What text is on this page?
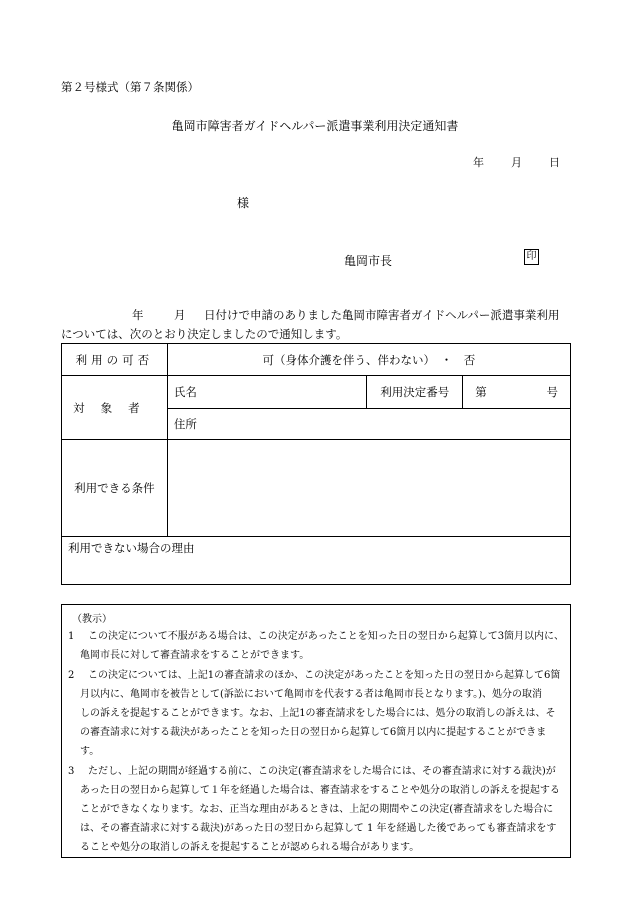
第２号様式（第７条関係）
亀岡市障害者ガイドヘルパー派遣事業利用決定通知書
年 月 日
様
亀岡市長	印
年	月 日付けで申請のありました亀岡市障害者ガイドヘルパー派遣事業利用
については、次のとおり決定しましたので通知します。
利用の可否	可（身体介護を伴う、伴わない）　・　否		
対象者	氏名	利用決定番号	第 号

	住所		
利用できる条件			
利用できない場合の理由			
（教示）
1	この決定について不服がある場合は、この決定があったことを知った日の翌日から起算して3箇月以内に、
亀岡市長に対して審査請求をすることができます。
2	この決定については、上記1の審査請求のほか、この決定があったことを知った日の翌日から起算して6箇
月以内に、亀岡市を被告として(訴訟において亀岡市を代表する者は亀岡市長となります。)、処分の取消
しの訴えを提起することができます。なお、上記1の審査請求をした場合には、処分の取消しの訴えは、そ
の審査請求に対する裁決があったことを知った日の翌日から起算して6箇月以内に提起することができま
す。
3	ただし、上記の期間が経過する前に、この決定(審査請求をした場合には、その審査請求に対する裁決)が
あった日の翌日から起算して１年を経過した場合は、審査請求をすることや処分の取消しの訴えを提起する
ことができなくなります。なお、正当な理由があるときは、上記の期間やこの決定(審査請求をした場合に
は、その審査請求に対する裁決)があった日の翌日から起算して 1 年を経過した後であっても審査請求をす
ることや処分の取消しの訴えを提起することが認められる場合があります。
